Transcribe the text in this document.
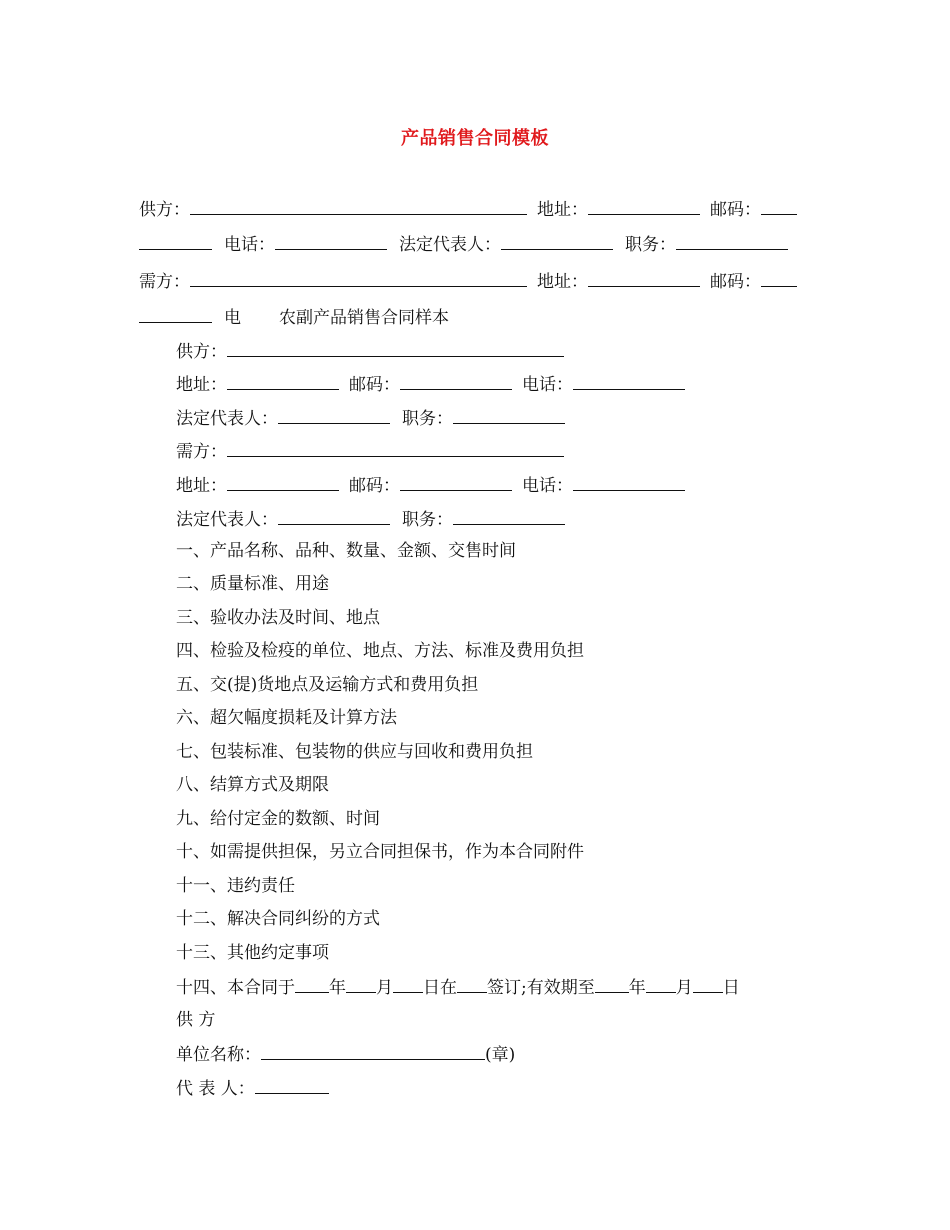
产品销售合同模板
供方：	地址：	邮码：
电话：	法定代表人：	职务：
需方：	地址：	邮码：
电 农副产品销售合同样本
供方：
地址：	邮码：	电话：
法定代表人：	职务：
需方：
地址：	邮码：	电话：
法定代表人：	职务：
一、产品名称、品种、数量、金额、交售时间
二、质量标准、用途
三、验收办法及时间、地点
四、检验及检疫的单位、地点、方法、标准及费用负担
五、交(提)货地点及运输方式和费用负担
六、超欠幅度损耗及计算方法
七、包装标准、包装物的供应与回收和费用负担
八、结算方式及期限
九、给付定金的数额、时间
十、如需提供担保，另立合同担保书，作为本合同附件
十一、违约责任
十二、解决合同纠纷的方式
十三、其他约定事项
十四、本合同于 年 月 日在 签订;有效期至 年 月 日
供 方
单位名称：	(章)
代 表 人：
